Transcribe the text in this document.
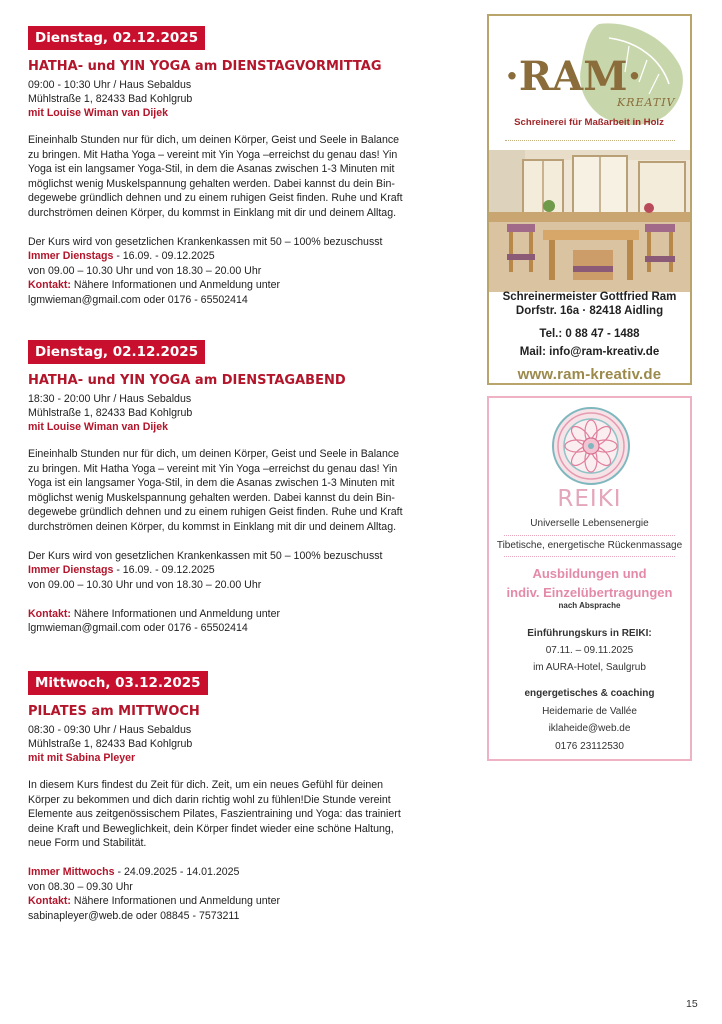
Dienstag, 02.12.2025
HATHA- und YIN YOGA am DIENSTAGVORMITTAG
09:00 - 10:30 Uhr / Haus Sebaldus
Mühlstraße 1, 82433 Bad Kohlgrub
mit Louise Wiman van Dijek

Eineinhalb Stunden nur für dich, um deinen Körper, Geist und Seele in Balance

zu bringen. Mit Hatha Yoga – vereint mit Yin Yoga –erreichst du genau das! Yin

Yoga ist ein langsamer Yoga-Stil, in dem die Asanas zwischen 1-3 Minuten mit

möglichst wenig Muskelspannung gehalten werden. Dabei kannst du dein Bin-

degewebe gründlich dehnen und zu einem ruhigen Geist finden. Ruhe und Kraft

durchströmen deinen Körper, du kommst in Einklang mit dir und deinem Alltag.

Der Kurs wird von gesetzlichen Krankenkassen mit 50 – 100% bezuschusst

Immer Dienstags - 16.09. - 09.12.2025

von 09.00 – 10.30 Uhr und von 18.30 – 20.00 Uhr

Kontakt: Nähere Informationen und Anmeldung unter

lgmwieman@gmail.com oder 0176 - 65502414

Dienstag, 02.12.2025
HATHA- und YIN YOGA am DIENSTAGABEND
18:30 - 20:00 Uhr / Haus Sebaldus
Mühlstraße 1, 82433 Bad Kohlgrub
mit Louise Wiman van Dijek

Eineinhalb Stunden nur für dich, um deinen Körper, Geist und Seele in Balance

zu bringen. Mit Hatha Yoga – vereint mit Yin Yoga –erreichst du genau das! Yin

Yoga ist ein langsamer Yoga-Stil, in dem die Asanas zwischen 1-3 Minuten mit

möglichst wenig Muskelspannung gehalten werden. Dabei kannst du dein Bin-

degewebe gründlich dehnen und zu einem ruhigen Geist finden. Ruhe und Kraft

durchströmen deinen Körper, du kommst in Einklang mit dir und deinem Alltag.

Der Kurs wird von gesetzlichen Krankenkassen mit 50 – 100% bezuschusst

Immer Dienstags - 16.09. - 09.12.2025

von 09.00 – 10.30 Uhr und von 18.30 – 20.00 Uhr

Kontakt: Nähere Informationen und Anmeldung unter

lgmwieman@gmail.com oder 0176 - 65502414

Mittwoch, 03.12.2025
PILATES am MITTWOCH
08:30 - 09:30 Uhr / Haus Sebaldus
Mühlstraße 1, 82433 Bad Kohlgrub
mit mit Sabina Pleyer

In diesem Kurs findest du Zeit für dich. Zeit, um ein neues Gefühl für deinen

Körper zu bekommen und dich darin richtig wohl zu fühlen!Die Stunde vereint

Elemente aus zeitgenössischem Pilates, Faszientraining und Yoga: das trainiert

deine Kraft und Beweglichkeit, dein Körper findet wieder eine schöne Haltung,

neue Form und Stabilität.

Immer Mittwochs - 24.09.2025 - 14.01.2025

von 08.30 – 09.30 Uhr

Kontakt: Nähere Informationen und Anmeldung unter

sabinapleyer@web.de oder 08845 - 7573211

·RAM·
KREATIV
Schreinerei für Maßarbeit in Holz
Schreinermeister Gottfried Ram
Dorfstr. 16a · 82418 Aidling
Tel.: 0 88 47 - 1488
Mail: info@ram-kreativ.de
www.ram-kreativ.de
REIKI
Universelle Lebensenergie
Tibetische, energetische Rückenmassage
Ausbildungen und
indiv. Einzelübertragungen
nach Absprache
Einführungskurs in REIKI:
07.11. – 09.11.2025
im AURA-Hotel, Saulgrub
engergetisches & coaching
Heidemarie de Vallée
iklaheide@web.de
0176 23112530
15
